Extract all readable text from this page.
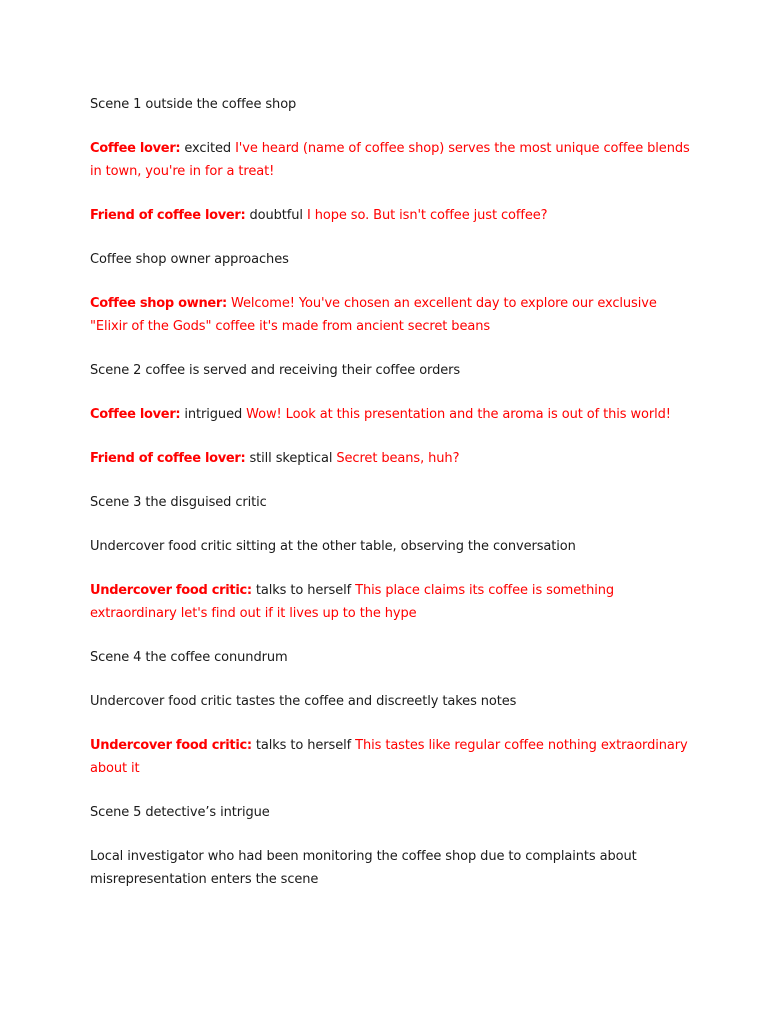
Scene 1 outside the coffee shop

Coffee lover: excited I've heard (name of coffee shop) serves the most unique coffee blends in town, you're in for a treat!

Friend of coffee lover: doubtful I hope so. But isn't coffee just coffee?

Coffee shop owner approaches

Coffee shop owner: Welcome! You've chosen an excellent day to explore our exclusive "Elixir of the Gods" coffee it's made from ancient secret beans

Scene 2 coffee is served and receiving their coffee orders

Coffee lover: intrigued Wow! Look at this presentation and the aroma is out of this world!

Friend of coffee lover: still skeptical Secret beans, huh?

Scene 3 the disguised critic

Undercover food critic sitting at the other table, observing the conversation

Undercover food critic: talks to herself This place claims its coffee is something extraordinary let's find out if it lives up to the hype

Scene 4 the coffee conundrum

Undercover food critic tastes the coffee and discreetly takes notes

Undercover food critic: talks to herself This tastes like regular coffee nothing extraordinary about it

Scene 5 detective’s intrigue

Local investigator who had been monitoring the coffee shop due to complaints about misrepresentation enters the scene
